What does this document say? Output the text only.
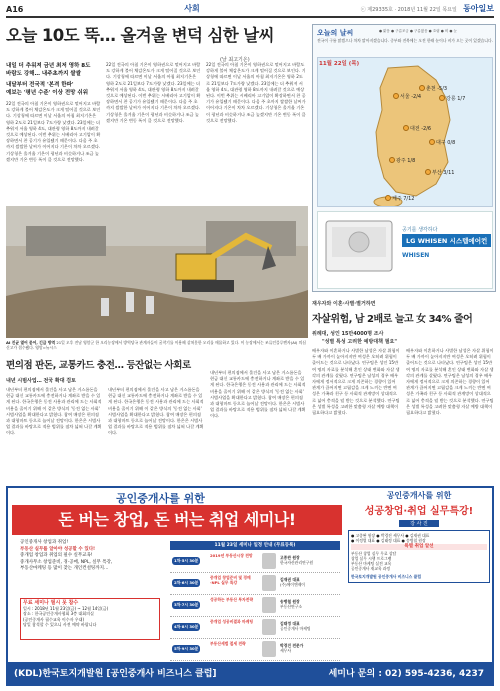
A16	사회	ⓒ 제29335호 · 2018년 11월 22일 목요일 동아일보
오늘 10도 뚝… 올겨울 변덕 심한 날씨
(날 최고기온)
내일 더 추워져 금년 최저 영하 8도
바람도 강해… 내주초까지 쌀쌀
내달부터 전국적 '본격 한파'
예보는 '평년 수준' 이상 전망 쉬워
22일 전국의 아침 기온이 영하권으로 떨어지고 바람도 강하게 불어 체감온도가 크게 떨어질 것으로 보인다. 기상청에 따르면 이날 서울의 아침 최저기온은 영하 2도로 21일보다 7도가량 낮겠다. 23일에는 더 추워져 서울 영하 4도, 대관령 영하 8도까지 내려갈 것으로 예상된다. 이번 추위는 시베리아 고기압이 확장하면서 찬 공기가 유입됐기 때문이다. 다음 주 초까지 쌀쌀한 날씨가 이어지다 기온이 차차 오르겠다. 기상청은 올겨울 기온이 평년과 비슷하거나 조금 높겠지만 기온 변동 폭이 클 것으로 전망했다.
22일 전국의 아침 기온이 영하권으로 떨어지고 바람도 강하게 불어 체감온도가 크게 떨어질 것으로 보인다. 기상청에 따르면 이날 서울의 아침 최저기온은 영하 2도로 21일보다 7도가량 낮겠다. 23일에는 더 추워져 서울 영하 4도, 대관령 영하 8도까지 내려갈 것으로 예상된다. 이번 추위는 시베리아 고기압이 확장하면서 찬 공기가 유입됐기 때문이다. 다음 주 초까지 쌀쌀한 날씨가 이어지다 기온이 차차 오르겠다. 기상청은 올겨울 기온이 평년과 비슷하거나 조금 높겠지만 기온 변동 폭이 클 것으로 전망했다.
22일 전국의 아침 기온이 영하권으로 떨어지고 바람도 강하게 불어 체감온도가 크게 떨어질 것으로 보인다. 기상청에 따르면 이날 서울의 아침 최저기온은 영하 2도로 21일보다 7도가량 낮겠다. 23일에는 더 추워져 서울 영하 4도, 대관령 영하 8도까지 내려갈 것으로 예상된다. 이번 추위는 시베리아 고기압이 확장하면서 찬 공기가 유입됐기 때문이다. 다음 주 초까지 쌀쌀한 날씨가 이어지다 기온이 차차 오르겠다. 기상청은 올겨울 기온이 평년과 비슷하거나 조금 높겠지만 기온 변동 폭이 클 것으로 전망했다.
오늘의 날씨	● 맑음 ● 구름조금 ● 구름많음 ● 흐림 ● 비 ● 눈
전국이 구름 많겠으나 차차 맑아지겠습니다. 중부와 전북에는 오전 한때 눈이나 비가 오는 곳이 있겠습니다.
서울 -2/4
춘천 -5/3
강릉 1/7
대전 -2/6
대구 0/8
광주 1/8
부산 3/11
제주 7/12
11월 22일 (목)
공기를 생각하다
LG WHISEN 시스템에어컨
WHISEN
AI 진균 열어 묻어, 긴급 방역 21일 오후 전남 영암군 한 오리농장에서 방역당국 관계자들이 굴착기를 이용해 살처분한 오리를 매몰하고 있다. 이 농장에서는 조류인플루엔자(AI) 의심 신고가 접수됐다. 영암=뉴시스
재우자와 이혼·사별·별거하면
자살위험, 남 2배로 늘고 女 34% 줄어
위례대, 성인 15만4000명 조사
"성별 특성 고려한 예방대책 필요"
배우자와 이혼하거나 사별한 남성은 자살 위험이 두 배 가까이 높아지지만 여성은 오히려 위험이 줄어드는 것으로 나타났다. 연구팀은 성인 15만여 명의 자료를 분석해 혼인 상태 변화와 자살 생각의 관계를 살폈다. 연구팀은 남성의 경우 배우자에게 정서적으로 크게 의존하는 경향이 있어 관계가 끊어지면 고립감을 크게 느끼는 반면 여성은 가족과 친구 등 사회적 관계망이 상대적으로 넓어 충격을 덜 받는 것으로 분석했다. 연구팀은 성별 특성을 고려한 맞춤형 자살 예방 대책이 필요하다고 밝혔다.
배우자와 이혼하거나 사별한 남성은 자살 위험이 두 배 가까이 높아지지만 여성은 오히려 위험이 줄어드는 것으로 나타났다. 연구팀은 성인 15만여 명의 자료를 분석해 혼인 상태 변화와 자살 생각의 관계를 살폈다. 연구팀은 남성의 경우 배우자에게 정서적으로 크게 의존하는 경향이 있어 관계가 끊어지면 고립감을 크게 느끼는 반면 여성은 가족과 친구 등 사회적 관계망이 상대적으로 넓어 충격을 덜 받는 것으로 분석했다. 연구팀은 성별 특성을 고려한 맞춤형 자살 예방 대책이 필요하다고 밝혔다.
편의점 판돈, 교통카드 충전… 등잔없는 사회로
내년 시범사업… 전국 확대 검토
내년부터 편의점에서 물건을 사고 남은 거스름돈을 현금 대신 교통카드에 충전하거나 계좌로 받을 수 있게 된다. 한국은행은 동전 사용과 관리에 드는 사회적 비용을 줄이기 위해 이 같은 방식의 '동전 없는 사회' 시범사업을 확대한다고 밝혔다. 참여 매장은 편의점과 대형마트 등으로 늘어날 전망이다. 한은은 시범사업 결과를 바탕으로 적용 범위를 점차 넓혀 나갈 계획이다.
내년부터 편의점에서 물건을 사고 남은 거스름돈을 현금 대신 교통카드에 충전하거나 계좌로 받을 수 있게 된다. 한국은행은 동전 사용과 관리에 드는 사회적 비용을 줄이기 위해 이 같은 방식의 '동전 없는 사회' 시범사업을 확대한다고 밝혔다. 참여 매장은 편의점과 대형마트 등으로 늘어날 전망이다. 한은은 시범사업 결과를 바탕으로 적용 범위를 점차 넓혀 나갈 계획이다.
내년부터 편의점에서 물건을 사고 남은 거스름돈을 현금 대신 교통카드에 충전하거나 계좌로 받을 수 있게 된다. 한국은행은 동전 사용과 관리에 드는 사회적 비용을 줄이기 위해 이 같은 방식의 '동전 없는 사회' 시범사업을 확대한다고 밝혔다. 참여 매장은 편의점과 대형마트 등으로 늘어날 전망이다. 한은은 시범사업 결과를 바탕으로 적용 범위를 점차 넓혀 나갈 계획이다.
공인중개사를 위한
돈 버는 창업, 돈 버는 취업 세미나!
공인중개사 창업과 취업!
부동산 실무를 알아야 성공할 수 있다!
중개업 창업과 취업의 필수 실무교육!
중개사무소 창업준비, 경·공매, NPL, 실무 특강,
부동산마케팅 등 많이 찾는 개인컨설팅까지…
무료 세미나 필시 못 참수
일시 : 2018년 11월 23일(금) ~ 12월 14일(금)
장소 : 한국공인중개사협회 3층 대회의실
(공인중개사 필수교육 이수자 우대)
당일 참석할 수 있으니 사전 예약 바랍니다
11월 23일 세미나 일정 안내 (무료등록)
1차·5시 30분
2019년 부동산시장 전망	고종완 원장
한국자산관리연구원
2차·6시 30분
중개업 창업준비 및 경매·NPL 실무 특강
김재권 대표
(주)에이앤제이
3차·7시 30분
성공하는 부동산 투자전략	송병철 원장
부동산연구소
4차·8시 30분
중개업 성공비결과 마케팅	김태정 대표
공인중개사 마케팅
5차·9시 30분
부동산세법 절세 전략	박경진 전문가
세무사
공인중개사를 위한
성공창업·취업 실무특강!
강 사 진
● 고종완 원장 ● 박경진 세무사 ● 김재권 대표
● 이정열 대표 ● 김태정 대표 ● 송병철 원장
특별 취업 알선
부동산 창업 실무 무료 상담
창업 실무 시행 프로그램
부동산 마케팅 실전 교육
공인중개사 재교육 과정
한국토지개발원 공인중개사 비즈니스 클럽
(KDL)한국토지개발원 [공인중개사 비즈니스 클럽]	세미나 문의 : 02) 595-4236, 4237
